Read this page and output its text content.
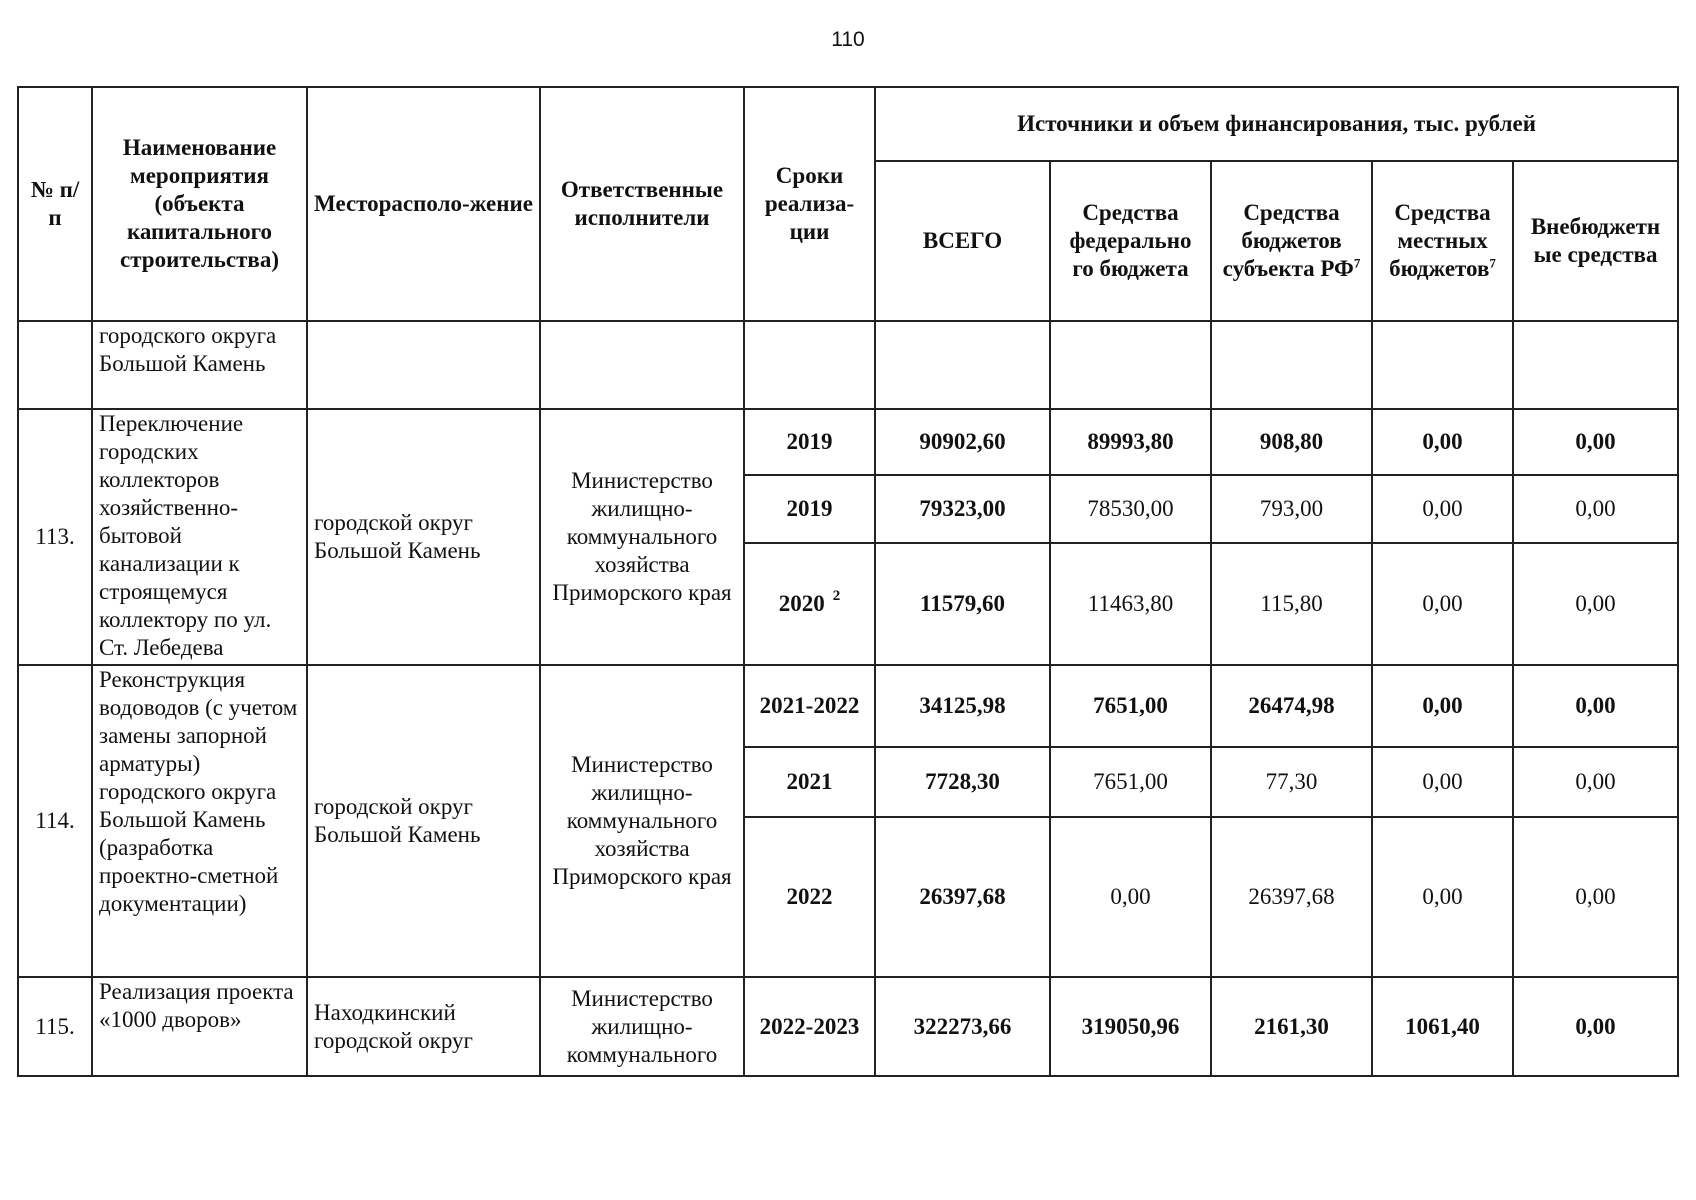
110
№ п/п	Наименование мероприятия (объекта капитального строительства)	Месторасполо-жение	Ответственные исполнители	Сроки реализа-ции	Источники и объем финансирования, тыс. рублей				
					ВСЕГО	Средства федерально го бюджета	Средства бюджетов субъекта $РФ^7$	Средства местных бюджетов$^7$	Внебюджетн ые средства
	городского округа Большой Камень								
113.	Переключение городских коллекторов хозяйственно-бытовой канализации к строящемуся коллектору по ул. Ст. Лебедева	городской округ Большой Камень	Министерство жилищно-коммунального хозяйства Приморского края	2019	90902,60	89993,80	908,80	0,00	0,00
				2019	79323,00	78530,00	793,00	0,00	0,00
				2020 $^2$	11579,60	11463,80	115,80	0,00	0,00
114.	Реконструкция водоводов (с учетом замены запорной арматуры) городского округа Большой Камень (разработка проектно-сметной документации)	городской округ Большой Камень	Министерство жилищно-коммунального хозяйства Приморского края	2021-2022	34125,98	7651,00	26474,98	0,00	0,00
				2021	7728,30	7651,00	77,30	0,00	0,00
				2022	26397,68	0,00	26397,68	0,00	0,00
115.	Реализация проекта «1000 дворов»	Находкинский городской округ	Министерство жилищно-коммунального	2022-2023	322273,66	319050,96	2161,30	1061,40	0,00
